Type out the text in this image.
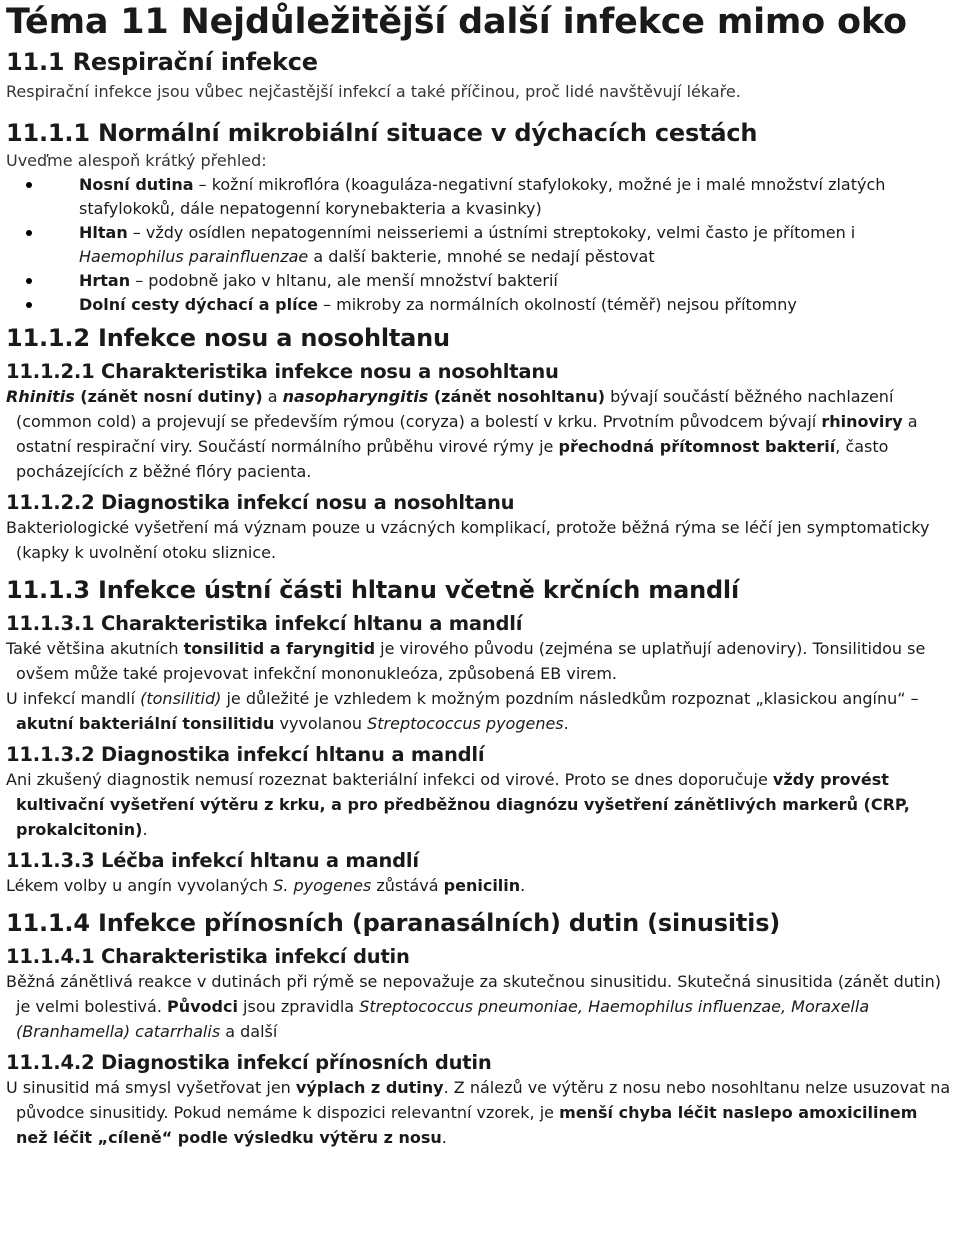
Téma 11 Nejdůležitější další infekce mimo oko
11.1 Respirační infekce

Respirační infekce jsou vůbec nejčastější infekcí a také příčinou, proč lidé navštěvují lékaře.

11.1.1 Normální mikrobiální situace v dýchacích cestách

Uveďme alespoň krátký přehled:

Nosní dutina – kožní mikroflóra (koaguláza-negativní stafylokoky, možné je i malé množství zlatých stafylokoků, dále nepatogenní korynebakteria a kvasinky)
Hltan – vždy osídlen nepatogenními neisseriemi a ústními streptokoky, velmi často je přítomen i Haemophilus parainfluenzae a další bakterie, mnohé se nedají pěstovat
Hrtan – podobně jako v hltanu, ale menší množství bakterií
Dolní cesty dýchací a plíce – mikroby za normálních okolností (téměř) nejsou přítomny
11.1.2 Infekce nosu a nosohltanu
11.1.2.1 Charakteristika infekce nosu a nosohltanu

Rhinitis (zánět nosní dutiny) a nasopharyngitis (zánět nosohltanu) bývají součástí běžného nachlazení (common cold) a projevují se především rýmou (coryza) a bolestí v krku. Prvotním původcem bývají rhinoviry a ostatní respirační viry. Součástí normálního průběhu virové rýmy je přechodná přítomnost bakterií, často pocházejících z běžné flóry pacienta.

11.1.2.2 Diagnostika infekcí nosu a nosohltanu

Bakteriologické vyšetření má význam pouze u vzácných komplikací, protože běžná rýma se léčí jen symptomaticky (kapky k uvolnění otoku sliznice.

11.1.3 Infekce ústní části hltanu včetně krčních mandlí
11.1.3.1 Charakteristika infekcí hltanu a mandlí

Také většina akutních tonsilitid a faryngitid je virového původu (zejména se uplatňují adenoviry). Tonsilitidou se ovšem může také projevovat infekční mononukleóza, způsobená EB virem.

U infekcí mandlí (tonsilitid) je důležité je vzhledem k možným pozdním následkům rozpoznat „klasickou angínu“ – akutní bakteriální tonsilitidu vyvolanou Streptococcus pyogenes.

11.1.3.2 Diagnostika infekcí hltanu a mandlí

Ani zkušený diagnostik nemusí rozeznat bakteriální infekci od virové. Proto se dnes doporučuje vždy provést kultivační vyšetření výtěru z krku, a pro předběžnou diagnózu vyšetření zánětlivých markerů (CRP, prokalcitonin).

11.1.3.3 Léčba infekcí hltanu a mandlí

Lékem volby u angín vyvolaných S. pyogenes zůstává penicilin.

11.1.4 Infekce přínosních (paranasálních) dutin (sinusitis)
11.1.4.1 Charakteristika infekcí dutin

Běžná zánětlivá reakce v dutinách při rýmě se nepovažuje za skutečnou sinusitidu. Skutečná sinusitida (zánět dutin) je velmi bolestivá. Původci jsou zpravidla Streptococcus pneumoniae, Haemophilus influenzae, Moraxella (Branhamella) catarrhalis a další

11.1.4.2 Diagnostika infekcí přínosních dutin

U sinusitid má smysl vyšetřovat jen výplach z dutiny. Z nálezů ve výtěru z nosu nebo nosohltanu nelze usuzovat na původce sinusitidy. Pokud nemáme k dispozici relevantní vzorek, je menší chyba léčit naslepo amoxicilinem než léčit „cíleně“ podle výsledku výtěru z nosu.
